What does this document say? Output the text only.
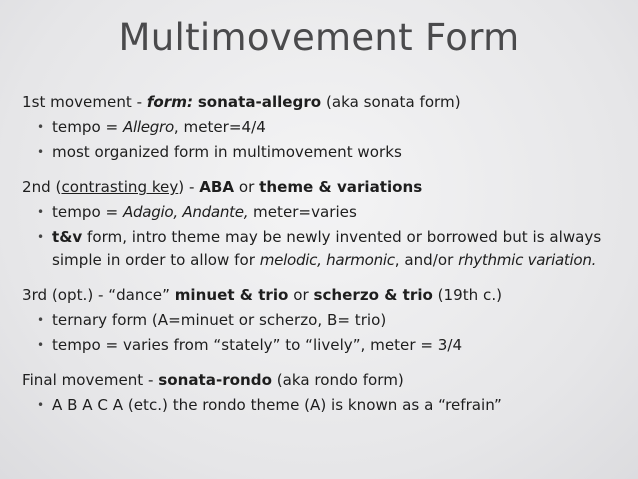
Multimovement Form
1st movement - form: sonata-allegro (aka sonata form)
• tempo = Allegro, meter=4/4
• most organized form in multimovement works
2nd (contrasting key) - ABA or theme & variations
• tempo = Adagio, Andante, meter=varies
• t&v form, intro theme may be newly invented or borrowed but is always
simple in order to allow for melodic, harmonic, and/or rhythmic variation.
3rd (opt.) - “dance” minuet & trio or scherzo & trio (19th c.)
• ternary form (A=minuet or scherzo, B= trio)
• tempo = varies from “stately” to “lively”, meter = 3/4
Final movement - sonata-rondo (aka rondo form)
• A B A C A (etc.) the rondo theme (A) is known as a “refrain”
